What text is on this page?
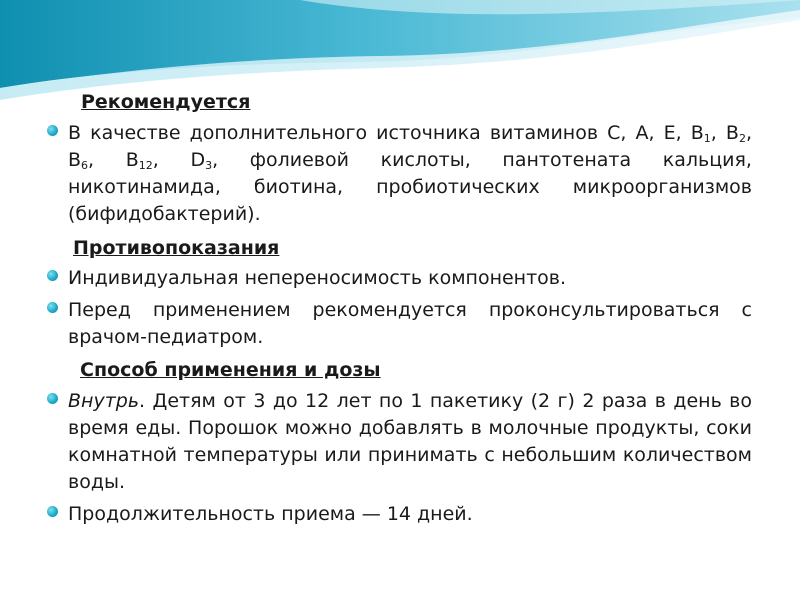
Рекомендуется

В качестве дополнительного источника витаминов С, А, Е, $В_1$, $В_2$, $В_6$, $В_{12}$, $D_3$, фолиевой кислоты, пантотената кальция, никотинамида, биотина, пробиотических микроорганизмов (бифидобактерий).

Противопоказания

Индивидуальная непереносимость компонентов.

Перед применением рекомендуется проконсультироваться с врачом-педиатром.

Способ применения и дозы

Внутрь. Детям от 3 до 12 лет по 1 пакетику (2 г) 2 раза в день во время еды. Порошок можно добавлять в молочные продукты, соки комнатной температуры или принимать с небольшим количеством воды.

Продолжительность приема — 14 дней.
